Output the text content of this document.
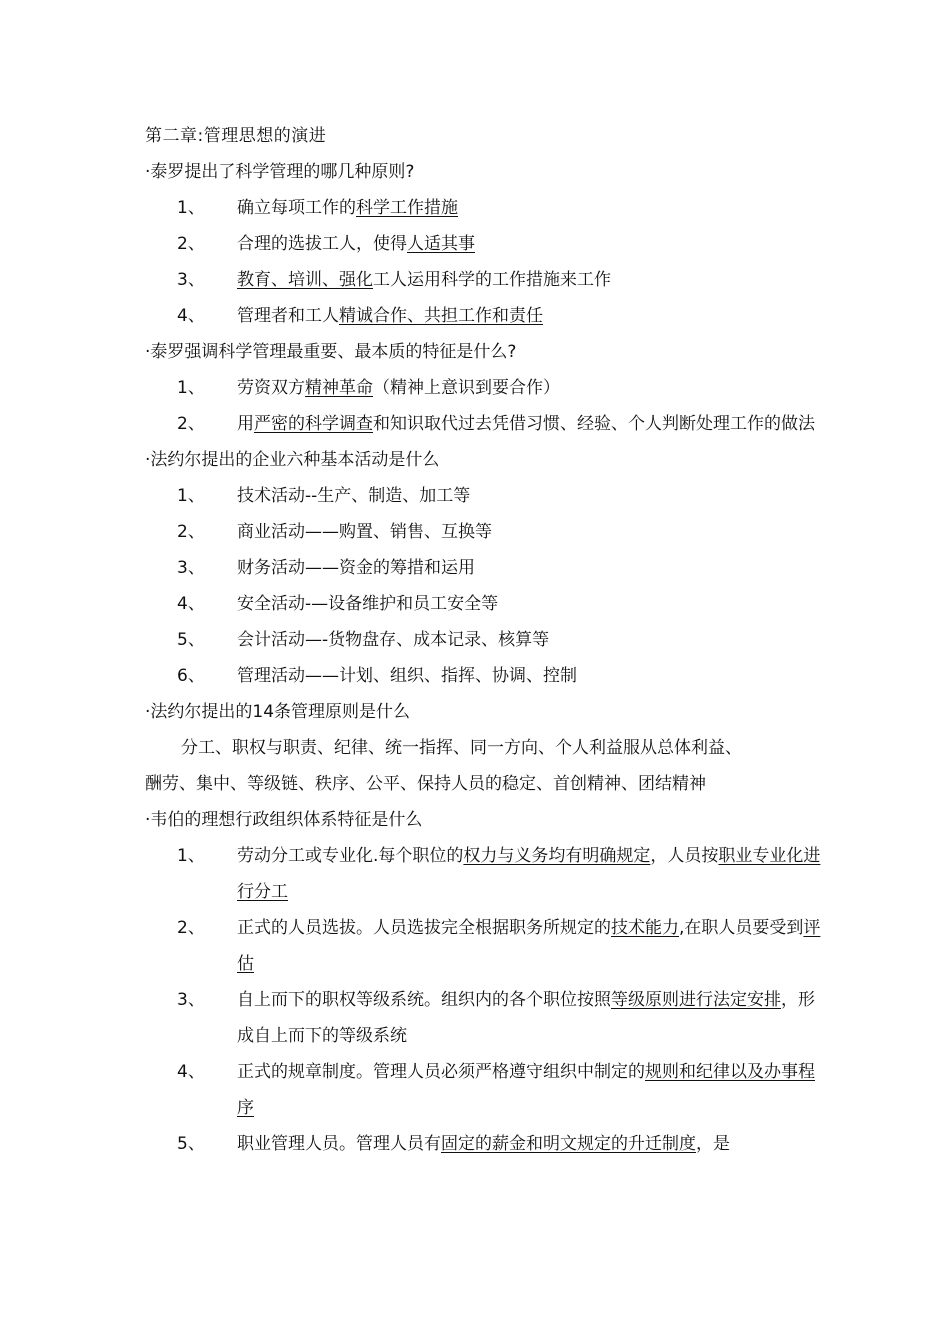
第二章:管理思想的演进
·泰罗提出了科学管理的哪几种原则?
1、	确立每项工作的科学工作措施
2、	合理的选拔工人，使得人适其事
3、	教育、培训、强化工人运用科学的工作措施来工作
4、	管理者和工人精诚合作、共担工作和责任
·泰罗强调科学管理最重要、最本质的特征是什么?
1、	劳资双方精神革命（精神上意识到要合作）
2、	用严密的科学调查和知识取代过去凭借习惯、经验、个人判断处理工作的做法
·法约尔提出的企业六种基本活动是什么
1、	技术活动--生产、制造、加工等
2、	商业活动——购置、销售、互换等
3、	财务活动——资金的筹措和运用
4、	安全活动-—设备维护和员工安全等
5、	会计活动—-货物盘存、成本记录、核算等
6、	管理活动——计划、组织、指挥、协调、控制
·法约尔提出的14条管理原则是什么
分工、职权与职责、纪律、统一指挥、同一方向、个人利益服从总体利益、
酬劳、集中、等级链、秩序、公平、保持人员的稳定、首创精神、团结精神
·韦伯的理想行政组织体系特征是什么
1、	劳动分工或专业化.每个职位的权力与义务均有明确规定，人员按职业专业化进行分工
2、	正式的人员选拔。人员选拔完全根据职务所规定的技术能力,在职人员要受到评估
3、	自上而下的职权等级系统。组织内的各个职位按照等级原则进行法定安排，形成自上而下的等级系统
4、	正式的规章制度。管理人员必须严格遵守组织中制定的规则和纪律以及办事程序
5、	职业管理人员。管理人员有固定的薪金和明文规定的升迁制度，是
